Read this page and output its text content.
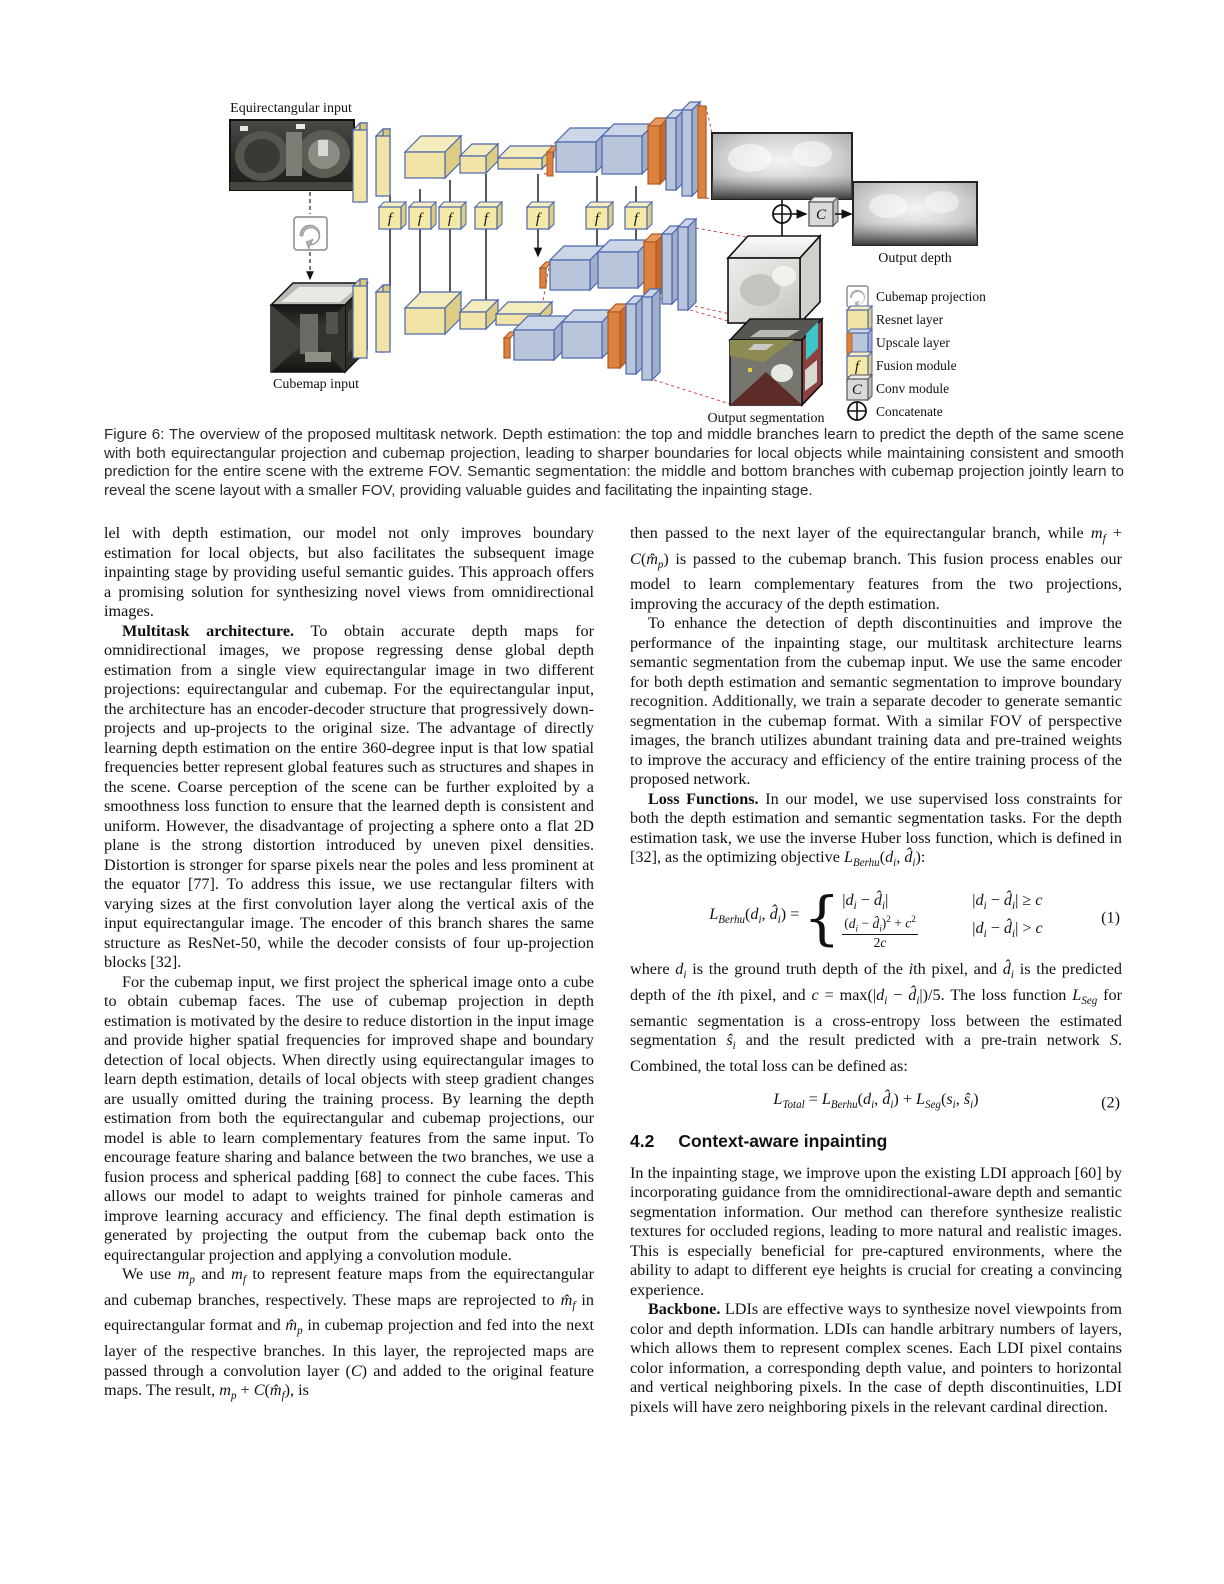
Equirectangular input
Cubemap input
f f f f	f	f f	C
Output depth
Output segmentation
Cubemap projection
Resnet layer
Upscale layer
f Fusion module
C Conv module
Concatenate
Figure 6: The overview of the proposed multitask network. Depth estimation: the top and middle branches learn to predict the depth of the same scene with both equirectangular projection and cubemap projection, leading to sharper boundaries for local objects while maintaining consistent and smooth prediction for the entire scene with the extreme FOV. Semantic segmentation: the middle and bottom branches with cubemap projection jointly learn to reveal the scene layout with a smaller FOV, providing valuable guides and facilitating the inpainting stage.

lel with depth estimation, our model not only improves boundary estimation for local objects, but also facilitates the subsequent image inpainting stage by providing useful semantic guides. This approach offers a promising solution for synthesizing novel views from omnidirectional images.

Multitask architecture. To obtain accurate depth maps for omnidirectional images, we propose regressing dense global depth estimation from a single view equirectangular image in two different projections: equirectangular and cubemap. For the equirectangular input, the architecture has an encoder-decoder structure that progressively down-projects and up-projects to the original size. The advantage of directly learning depth estimation on the entire 360-degree input is that low spatial frequencies better represent global features such as structures and shapes in the scene. Coarse perception of the scene can be further exploited by a smoothness loss function to ensure that the learned depth is consistent and uniform. However, the disadvantage of projecting a sphere onto a flat 2D plane is the strong distortion introduced by uneven pixel densities. Distortion is stronger for sparse pixels near the poles and less prominent at the equator [77]. To address this issue, we use rectangular filters with varying sizes at the first convolution layer along the vertical axis of the input equirectangular image. The encoder of this branch shares the same structure as ResNet-50, while the decoder consists of four up-projection blocks [32].

For the cubemap input, we first project the spherical image onto a cube to obtain cubemap faces. The use of cubemap projection in depth estimation is motivated by the desire to reduce distortion in the input image and provide higher spatial frequencies for improved shape and boundary detection of local objects. When directly using equirectangular images to learn depth estimation, details of local objects with steep gradient changes are usually omitted during the training process. By learning the depth estimation from both the equirectangular and cubemap projections, our model is able to learn complementary features from the same input. To encourage feature sharing and balance between the two branches, we use a fusion process and spherical padding [68] to connect the cube faces. This allows our model to adapt to weights trained for pinhole cameras and improve learning accuracy and efficiency. The final depth estimation is generated by projecting the output from the cubemap back onto the equirectangular projection and applying a convolution module.

We use $m_p$ and $m_f$ to represent feature maps from the equirectangular and cubemap branches, respectively. These maps are reprojected to $m̂_f$ in equirectangular format and $m̂_p$ in cubemap projection and fed into the next layer of the respective branches. In this layer, the reprojected maps are passed through a convolution layer (C) and added to the original feature maps. The result, $m_p$ + $C(m̂_f)$, is

then passed to the next layer of the equirectangular branch, while $m_f$ + $C(m̂_p)$ is passed to the cubemap branch. This fusion process enables our model to learn complementary features from the two projections, improving the accuracy of the depth estimation.

To enhance the detection of depth discontinuities and improve the performance of the inpainting stage, our multitask architecture learns semantic segmentation from the cubemap input. We use the same encoder for both depth estimation and semantic segmentation to improve boundary recognition. Additionally, we train a separate decoder to generate semantic segmentation in the cubemap format. With a similar FOV of perspective images, the branch utilizes abundant training data and pre-trained weights to improve the accuracy and efficiency of the entire training process of the proposed network.

Loss Functions. In our model, we use supervised loss constraints for both the depth estimation and semantic segmentation tasks. For the depth estimation task, we use the inverse Huber loss function, which is defined in [32], as the optimizing objective $L_{Berhu}(d_i$, $d̂_i$):

$L_{Berhu}(d_i$, $d̂_i$) = { $|d_i$ − $d̂_i|$	$|d_i$ − $d̂_i| \ge c$
$\frac{(d_i - d̂_i)^2 + c^2}{2c}$	$|d_i$ − $d̂_i| > c$
(1)

where $d_i$ is the ground truth depth of the ith pixel, and $d̂_i$ is the predicted depth of the ith pixel, and $c = \max(|d_i$ − $d̂_i|)/5$. The loss function $L_{Seg}$ for semantic segmentation is a cross-entropy loss between the estimated segmentation $ŝ_i$ and the result predicted with a pre-train network S. Combined, the total loss can be defined as:

$L_{Total} = L_{Berhu}(d_i$, $d̂_i) + L_{Seg}(s_i$, $ŝ_i$)	(2)
4.2 Context-aware inpainting

In the inpainting stage, we improve upon the existing LDI approach [60] by incorporating guidance from the omnidirectional-aware depth and semantic segmentation information. Our method can therefore synthesize realistic textures for occluded regions, leading to more natural and realistic images. This is especially beneficial for pre-captured environments, where the ability to adapt to different eye heights is crucial for creating a convincing experience.

Backbone. LDIs are effective ways to synthesize novel viewpoints from color and depth information. LDIs can handle arbitrary numbers of layers, which allows them to represent complex scenes. Each LDI pixel contains color information, a corresponding depth value, and pointers to horizontal and vertical neighboring pixels. In the case of depth discontinuities, LDI pixels will have zero neighboring pixels in the relevant cardinal direction.
